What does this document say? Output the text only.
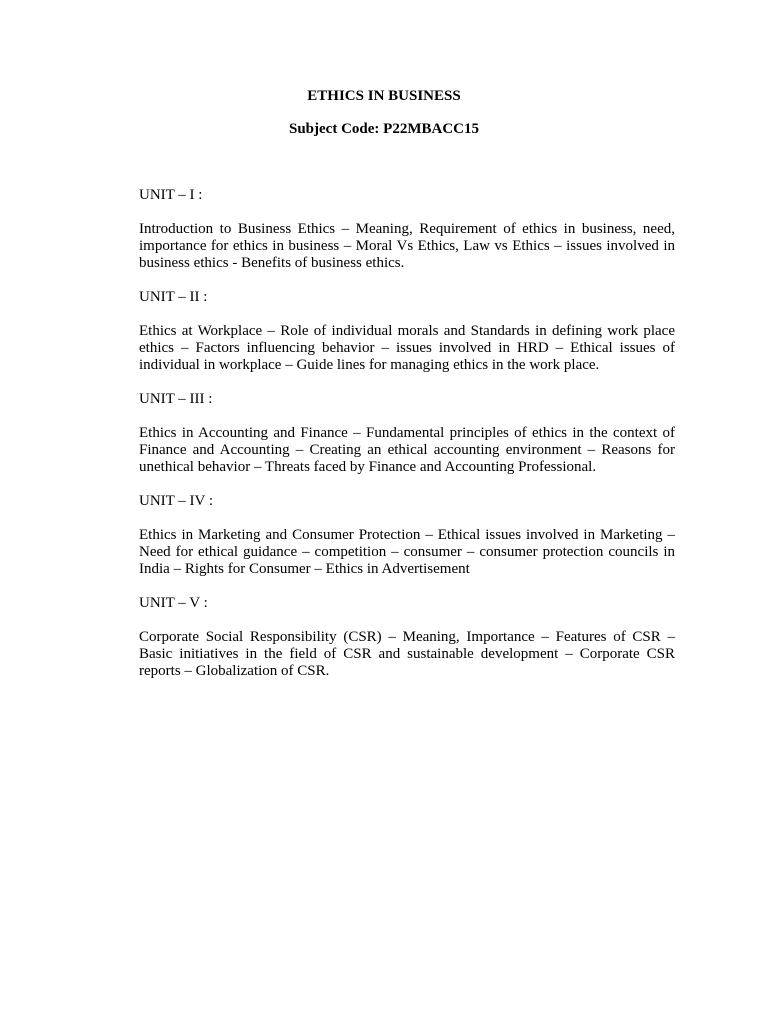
ETHICS IN BUSINESS
Subject Code: P22MBACC15

UNIT – I :

Introduction to Business Ethics – Meaning, Requirement of ethics in business, need, importance for ethics in business – Moral Vs Ethics, Law vs Ethics – issues involved in business ethics - Benefits of business ethics.

UNIT – II :

Ethics at Workplace – Role of individual morals and Standards in defining work place ethics – Factors influencing behavior – issues involved in HRD – Ethical issues of individual in workplace – Guide lines for managing ethics in the work place.

UNIT – III :

Ethics in Accounting and Finance – Fundamental principles of ethics in the context of Finance and Accounting – Creating an ethical accounting environment – Reasons for unethical behavior – Threats faced by Finance and Accounting Professional.

UNIT – IV :

Ethics in Marketing and Consumer Protection – Ethical issues involved in Marketing – Need for ethical guidance – competition – consumer – consumer protection councils in India – Rights for Consumer – Ethics in Advertisement

UNIT – V :

Corporate Social Responsibility (CSR) – Meaning, Importance – Features of CSR – Basic initiatives in the field of CSR and sustainable development – Corporate CSR reports – Globalization of CSR.
